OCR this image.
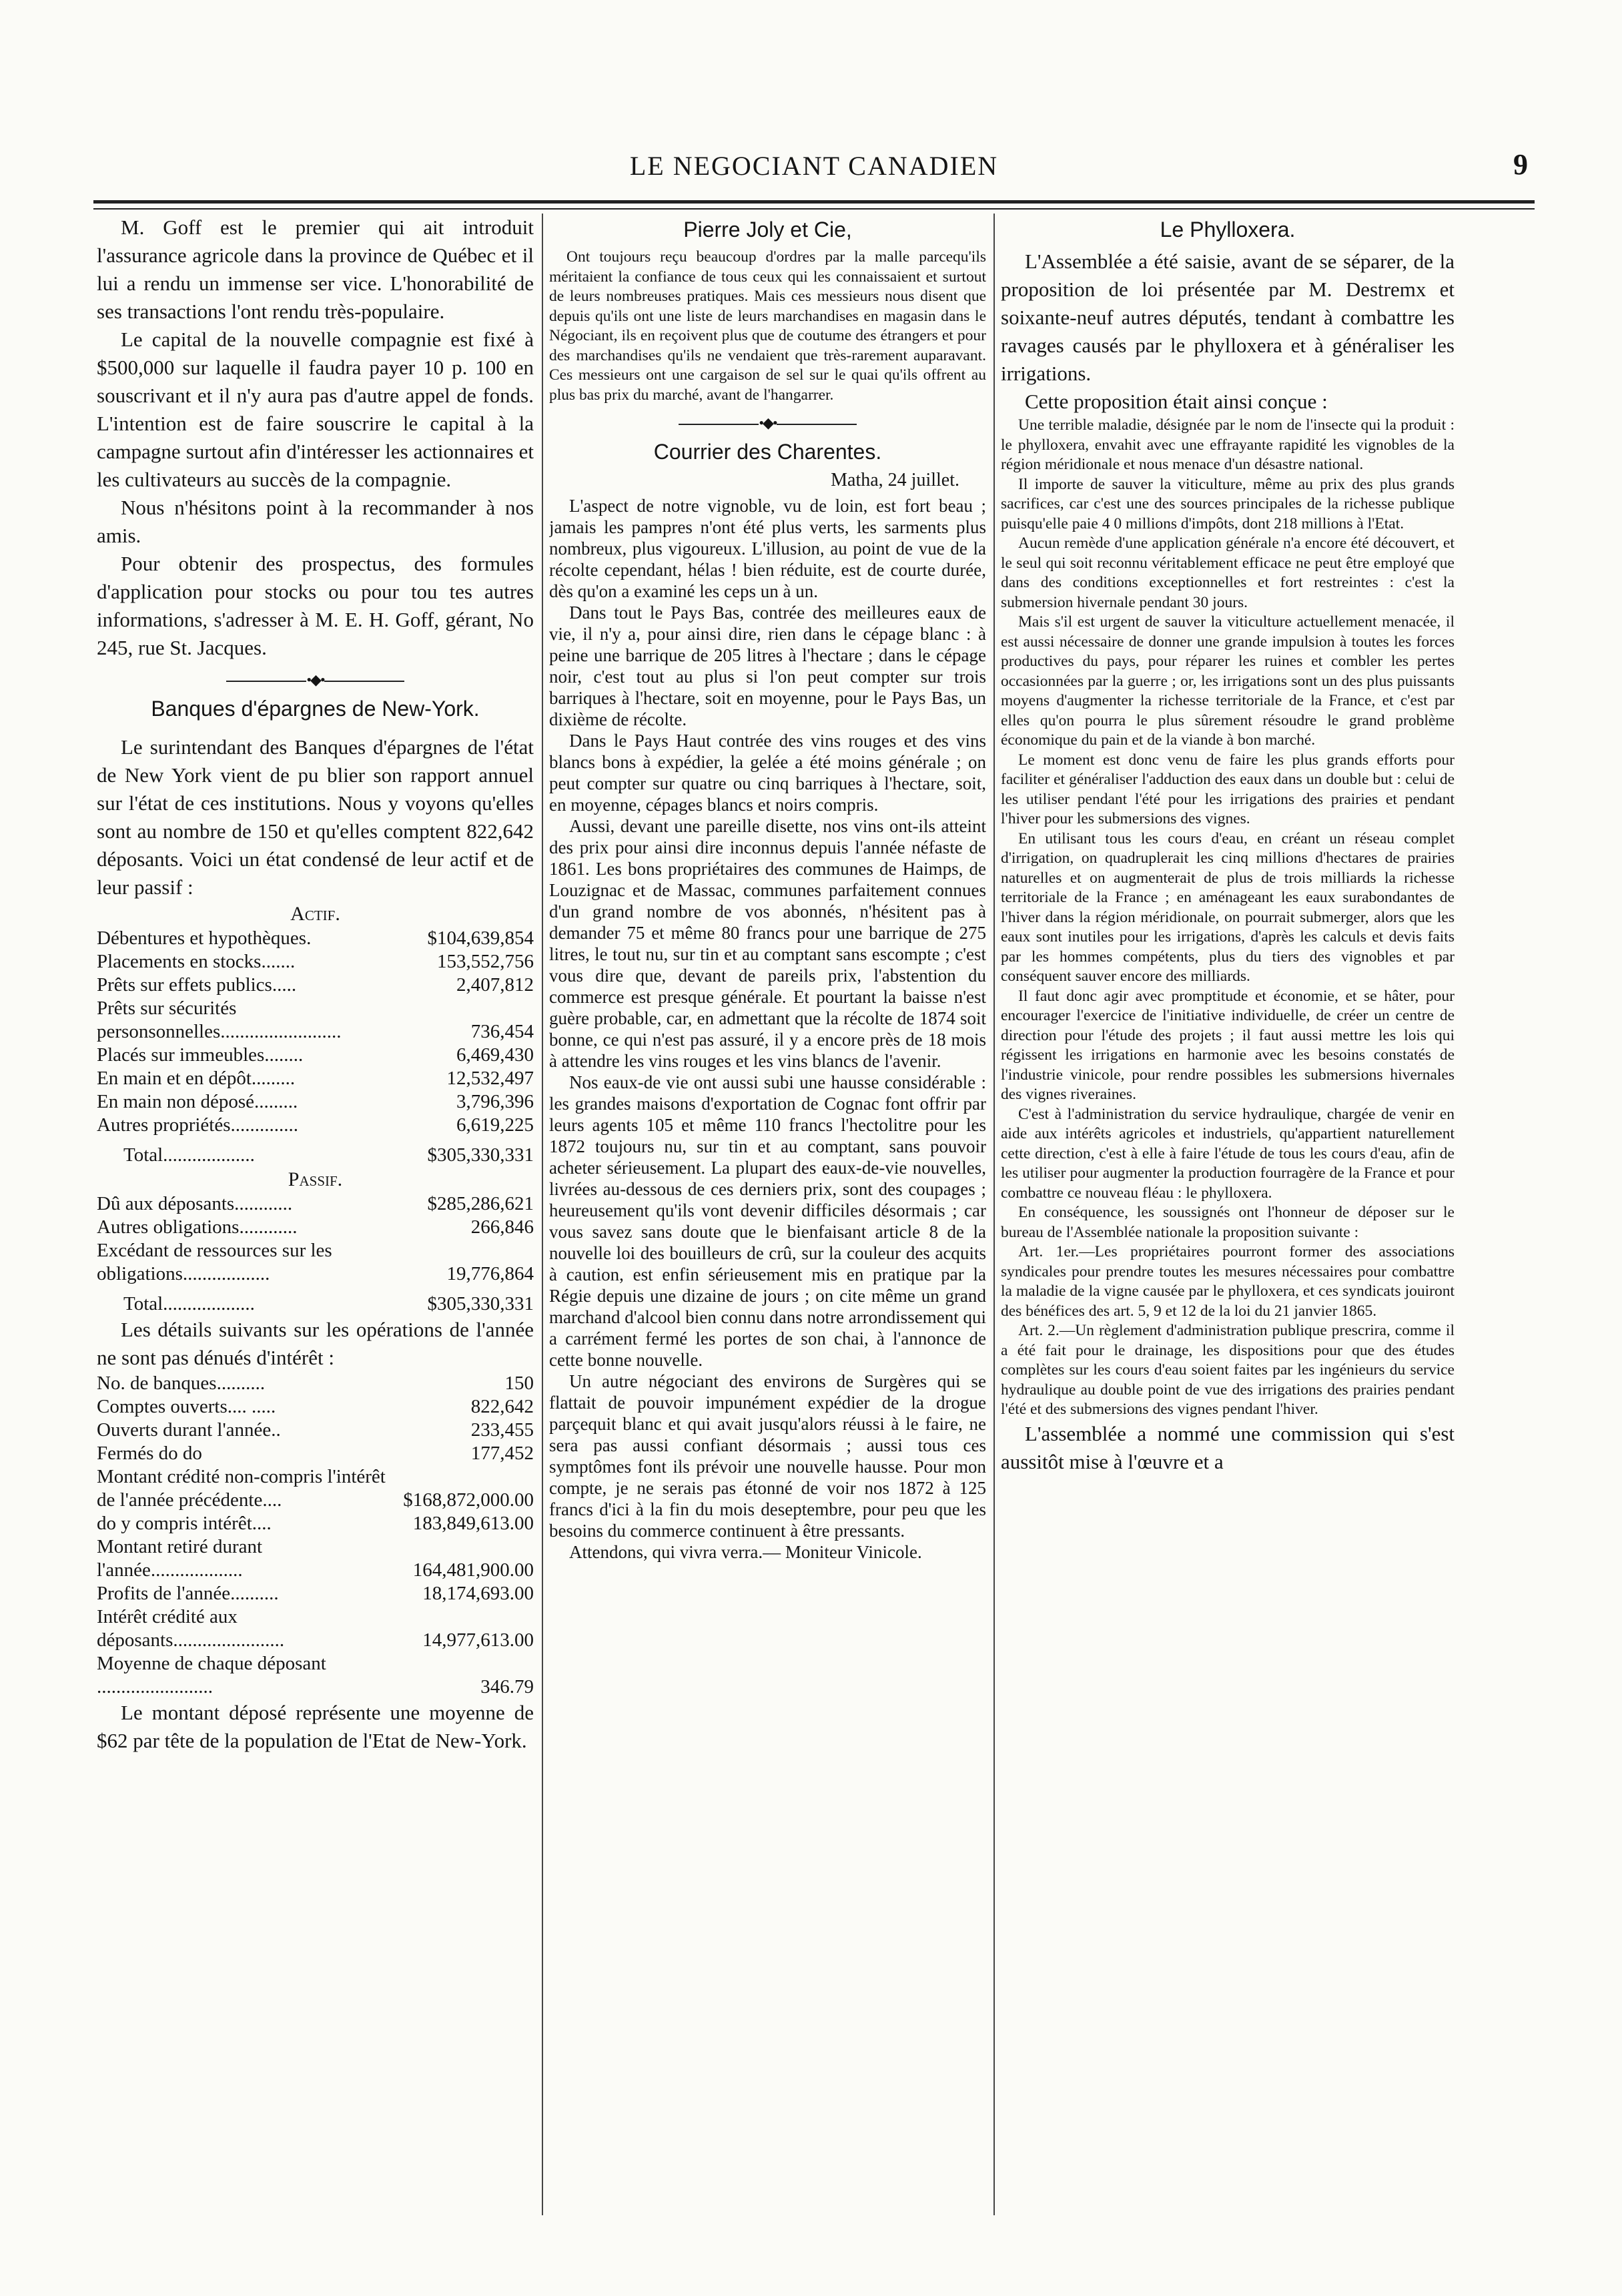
LE NEGOCIANT CANADIEN	9

M. Goff est le premier qui ait introduit l'assurance agricole dans la province de Québec et il lui a rendu un immense ser vice. L'honorabilité de ses transactions l'ont rendu très-populaire.

Le capital de la nouvelle compagnie est fixé à $500,000 sur laquelle il faudra payer 10 p. 100 en souscrivant et il n'y aura pas d'autre appel de fonds. L'intention est de faire souscrire le capital à la campagne surtout afin d'intéresser les actionnaires et les cultivateurs au succès de la compagnie.

Nous n'hésitons point à la recommander à nos amis.

Pour obtenir des prospectus, des formules d'application pour stocks ou pour tou tes autres informations, s'adresser à M. E. H. Goff, gérant, No 245, rue St. Jacques.

•◆•
Banques d'épargnes de New-York.

Le surintendant des Banques d'épargnes de l'état de New York vient de pu blier son rapport annuel sur l'état de ces institutions. Nous y voyons qu'elles sont au nombre de 150 et qu'elles comptent 822,642 déposants. Voici un état condensé de leur actif et de leur passif :

Actif.
Débentures et hypothèques.	$104,639,854
Placements en stocks.......	153,552,756
Prêts sur effets publics.....	2,407,812
Prêts sur sécurités personsonnelles.........................	736,454
Placés sur immeubles........	6,469,430
En main et en dépôt.........	12,532,497
En main non déposé.........	3,796,396
Autres propriétés..............	6,619,225
Total...................	$305,330,331
Passif.
Dû aux déposants............	$285,286,621
Autres obligations............	266,846
Excédant de ressources sur les obligations..................	19,776,864
Total...................	$305,330,331

Les détails suivants sur les opérations de l'année ne sont pas dénués d'intérêt :

No. de banques..........	150
Comptes ouverts.... .....	822,642
Ouverts durant l'année..	233,455
Fermés do do	177,452
Montant crédité non-compris l'intérêt de l'année précédente....	$168,872,000.00
do y compris intérêt....	183,849,613.00
Montant retiré durant l'année...................	164,481,900.00
Profits de l'année..........	18,174,693.00
Intérêt crédité aux déposants.......................	14,977,613.00
Moyenne de chaque déposant ........................	346.79

Le montant déposé représente une moyenne de $62 par tête de la population de l'Etat de New-York.

Pierre Joly et Cie,

Ont toujours reçu beaucoup d'ordres par la malle parcequ'ils méritaient la confiance de tous ceux qui les connaissaient et surtout de leurs nombreuses pratiques. Mais ces messieurs nous disent que depuis qu'ils ont une liste de leurs marchandises en magasin dans le Négociant, ils en reçoivent plus que de coutume des étrangers et pour des marchandises qu'ils ne vendaient que très-rarement auparavant. Ces messieurs ont une cargaison de sel sur le quai qu'ils offrent au plus bas prix du marché, avant de l'hangarrer.

•◆•
Courrier des Charentes.
Matha, 24 juillet.

L'aspect de notre vignoble, vu de loin, est fort beau ; jamais les pampres n'ont été plus verts, les sarments plus nombreux, plus vigoureux. L'illusion, au point de vue de la récolte cependant, hélas ! bien réduite, est de courte durée, dès qu'on a examiné les ceps un à un.

Dans tout le Pays Bas, contrée des meilleures eaux de vie, il n'y a, pour ainsi dire, rien dans le cépage blanc : à peine une barrique de 205 litres à l'hectare ; dans le cépage noir, c'est tout au plus si l'on peut compter sur trois barriques à l'hectare, soit en moyenne, pour le Pays Bas, un dixième de récolte.

Dans le Pays Haut contrée des vins rouges et des vins blancs bons à expédier, la gelée a été moins générale ; on peut compter sur quatre ou cinq barriques à l'hectare, soit, en moyenne, cépages blancs et noirs compris.

Aussi, devant une pareille disette, nos vins ont-ils atteint des prix pour ainsi dire inconnus depuis l'année néfaste de 1861. Les bons propriétaires des communes de Haimps, de Louzignac et de Massac, communes parfaitement connues d'un grand nombre de vos abonnés, n'hésitent pas à demander 75 et même 80 francs pour une barrique de 275 litres, le tout nu, sur tin et au comptant sans escompte ; c'est vous dire que, devant de pareils prix, l'abstention du commerce est presque générale. Et pourtant la baisse n'est guère probable, car, en admettant que la récolte de 1874 soit bonne, ce qui n'est pas assuré, il y a encore près de 18 mois à attendre les vins rouges et les vins blancs de l'avenir.

Nos eaux-de vie ont aussi subi une hausse considérable : les grandes maisons d'exportation de Cognac font offrir par leurs agents 105 et même 110 francs l'hectolitre pour les 1872 toujours nu, sur tin et au comptant, sans pouvoir acheter sérieusement. La plupart des eaux-de-vie nouvelles, livrées au-dessous de ces derniers prix, sont des coupages ; heureusement qu'ils vont devenir difficiles désormais ; car vous savez sans doute que le bienfaisant article 8 de la nouvelle loi des bouilleurs de crû, sur la couleur des acquits à caution, est enfin sérieusement mis en pratique par la Régie depuis une dizaine de jours ; on cite même un grand marchand d'alcool bien connu dans notre arrondissement qui a carrément fermé les portes de son chai, à l'annonce de cette bonne nouvelle.

Un autre négociant des environs de Surgères qui se flattait de pouvoir impunément expédier de la drogue parçequit blanc et qui avait jusqu'alors réussi à le faire, ne sera pas aussi confiant désormais ; aussi tous ces symptômes font ils prévoir une nouvelle hausse. Pour mon compte, je ne serais pas étonné de voir nos 1872 à 125 francs d'ici à la fin du mois deseptembre, pour peu que les besoins du commerce continuent à être pressants.

Attendons, qui vivra verra.— Moniteur Vinicole.

Le Phylloxera.

L'Assemblée a été saisie, avant de se séparer, de la proposition de loi présentée par M. Destremx et soixante-neuf autres députés, tendant à combattre les ravages causés par le phylloxera et à généraliser les irrigations.

Cette proposition était ainsi conçue :

Une terrible maladie, désignée par le nom de l'insecte qui la produit : le phylloxera, envahit avec une effrayante rapidité les vignobles de la région méridionale et nous menace d'un désastre national.

Il importe de sauver la viticulture, même au prix des plus grands sacrifices, car c'est une des sources principales de la richesse publique puisqu'elle paie 4 0 millions d'impôts, dont 218 millions à l'Etat.

Aucun remède d'une application générale n'a encore été découvert, et le seul qui soit reconnu véritablement efficace ne peut être employé que dans des conditions exceptionnelles et fort restreintes : c'est la submersion hivernale pendant 30 jours.

Mais s'il est urgent de sauver la viticulture actuellement menacée, il est aussi nécessaire de donner une grande impulsion à toutes les forces productives du pays, pour réparer les ruines et combler les pertes occasionnées par la guerre ; or, les irrigations sont un des plus puissants moyens d'augmenter la richesse territoriale de la France, et c'est par elles qu'on pourra le plus sûrement résoudre le grand problème économique du pain et de la viande à bon marché.

Le moment est donc venu de faire les plus grands efforts pour faciliter et généraliser l'adduction des eaux dans un double but : celui de les utiliser pendant l'été pour les irrigations des prairies et pendant l'hiver pour les submersions des vignes.

En utilisant tous les cours d'eau, en créant un réseau complet d'irrigation, on quadruplerait les cinq millions d'hectares de prairies naturelles et on augmenterait de plus de trois milliards la richesse territoriale de la France ; en aménageant les eaux surabondantes de l'hiver dans la région méridionale, on pourrait submerger, alors que les eaux sont inutiles pour les irrigations, d'après les calculs et devis faits par les hommes compétents, plus du tiers des vignobles et par conséquent sauver encore des milliards.

Il faut donc agir avec promptitude et économie, et se hâter, pour encourager l'exercice de l'initiative individuelle, de créer un centre de direction pour l'étude des projets ; il faut aussi mettre les lois qui régissent les irrigations en harmonie avec les besoins constatés de l'industrie vinicole, pour rendre possibles les submersions hivernales des vignes riveraines.

C'est à l'administration du service hydraulique, chargée de venir en aide aux intérêts agricoles et industriels, qu'appartient naturellement cette direction, c'est à elle à faire l'étude de tous les cours d'eau, afin de les utiliser pour augmenter la production fourragère de la France et pour combattre ce nouveau fléau : le phylloxera.

En conséquence, les soussignés ont l'honneur de déposer sur le bureau de l'Assemblée nationale la proposition suivante :

Art. 1er.—Les propriétaires pourront former des associations syndicales pour prendre toutes les mesures nécessaires pour combattre la maladie de la vigne causée par le phylloxera, et ces syndicats jouiront des bénéfices des art. 5, 9 et 12 de la loi du 21 janvier 1865.

Art. 2.—Un règlement d'administration publique prescrira, comme il a été fait pour le drainage, les dispositions pour que des études complètes sur les cours d'eau soient faites par les ingénieurs du service hydraulique au double point de vue des irrigations des prairies pendant l'été et des submersions des vignes pendant l'hiver.

L'assemblée a nommé une commission qui s'est aussitôt mise à l'œuvre et a
